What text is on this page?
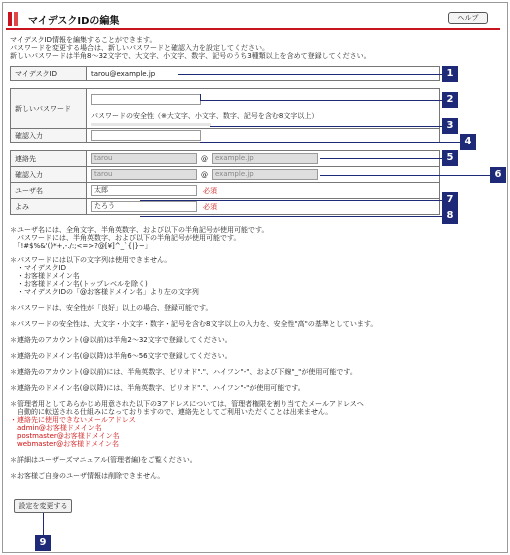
マイデスクIDの編集	ヘルプ
マイデスクID情報を編集することができます。
パスワードを変更する場合は、新しいパスワードと確認入力を設定してください。
新しいパスワードは半角8〜32文字で、大文字、小文字、数字、記号のうち3種類以上を含めて登録してください。
マイデスクID	tarou@example.jp

新しいパスワード	パスワードの安全性（※大文字、小文字、数字、記号を含む8文字以上）

確認入力	

連絡先	tarou @ example.jp
確認入力	tarou @ example.jp
ユーザ名	太郎 必須
よみ	たろう 必須
1
2
3
4
5
6
7
8
9
＊ユーザ名には、全角文字、半角英数字、および以下の半角記号が使用可能です。
　パスワードには、半角英数字、および以下の半角記号が使用可能です。
　「!#$%&'()*+,-./:;<=>?@[¥]^_`{|}~」
＊パスワードには以下の文字列は使用できません。
　・マイデスクID
　・お客様ドメイン名
　・お客様ドメイン名(トップレベルを除く)
　・マイデスクIDの「@お客様ドメイン名」より左の文字列
＊パスワードは、安全性が「良好」以上の場合、登録可能です。
＊パスワードの安全性は、大文字・小文字・数字・記号を含む8文字以上の入力を、安全性"高"の基準としています。
＊連絡先のアカウント(@以前)は半角2〜32文字で登録してください。
＊連絡先のドメイン名(@以降)は半角6〜56文字で登録してください。
＊連絡先のアカウント(@以前)には、半角英数字、ピリオド"."、ハイフン"-"、および下線"_"が使用可能です。
＊連絡先のドメイン名(@以降)には、半角英数字、ピリオド"."、ハイフン"-"が使用可能です。
＊管理者用としてあらかじめ用意された以下の3アドレスについては、管理者権限を割り当てたメールアドレスへ
　自動的に転送される仕組みになっておりますので、連絡先としてご利用いただくことは出来ません。
・連絡先に使用できないメールアドレス
　admin@お客様ドメイン名
　postmaster@お客様ドメイン名
　webmaster@お客様ドメイン名
＊詳細はユーザーズマニュアル(管理者編)をご覧ください。
＊お客様ご自身のユーザ情報は削除できません。
設定を変更する
